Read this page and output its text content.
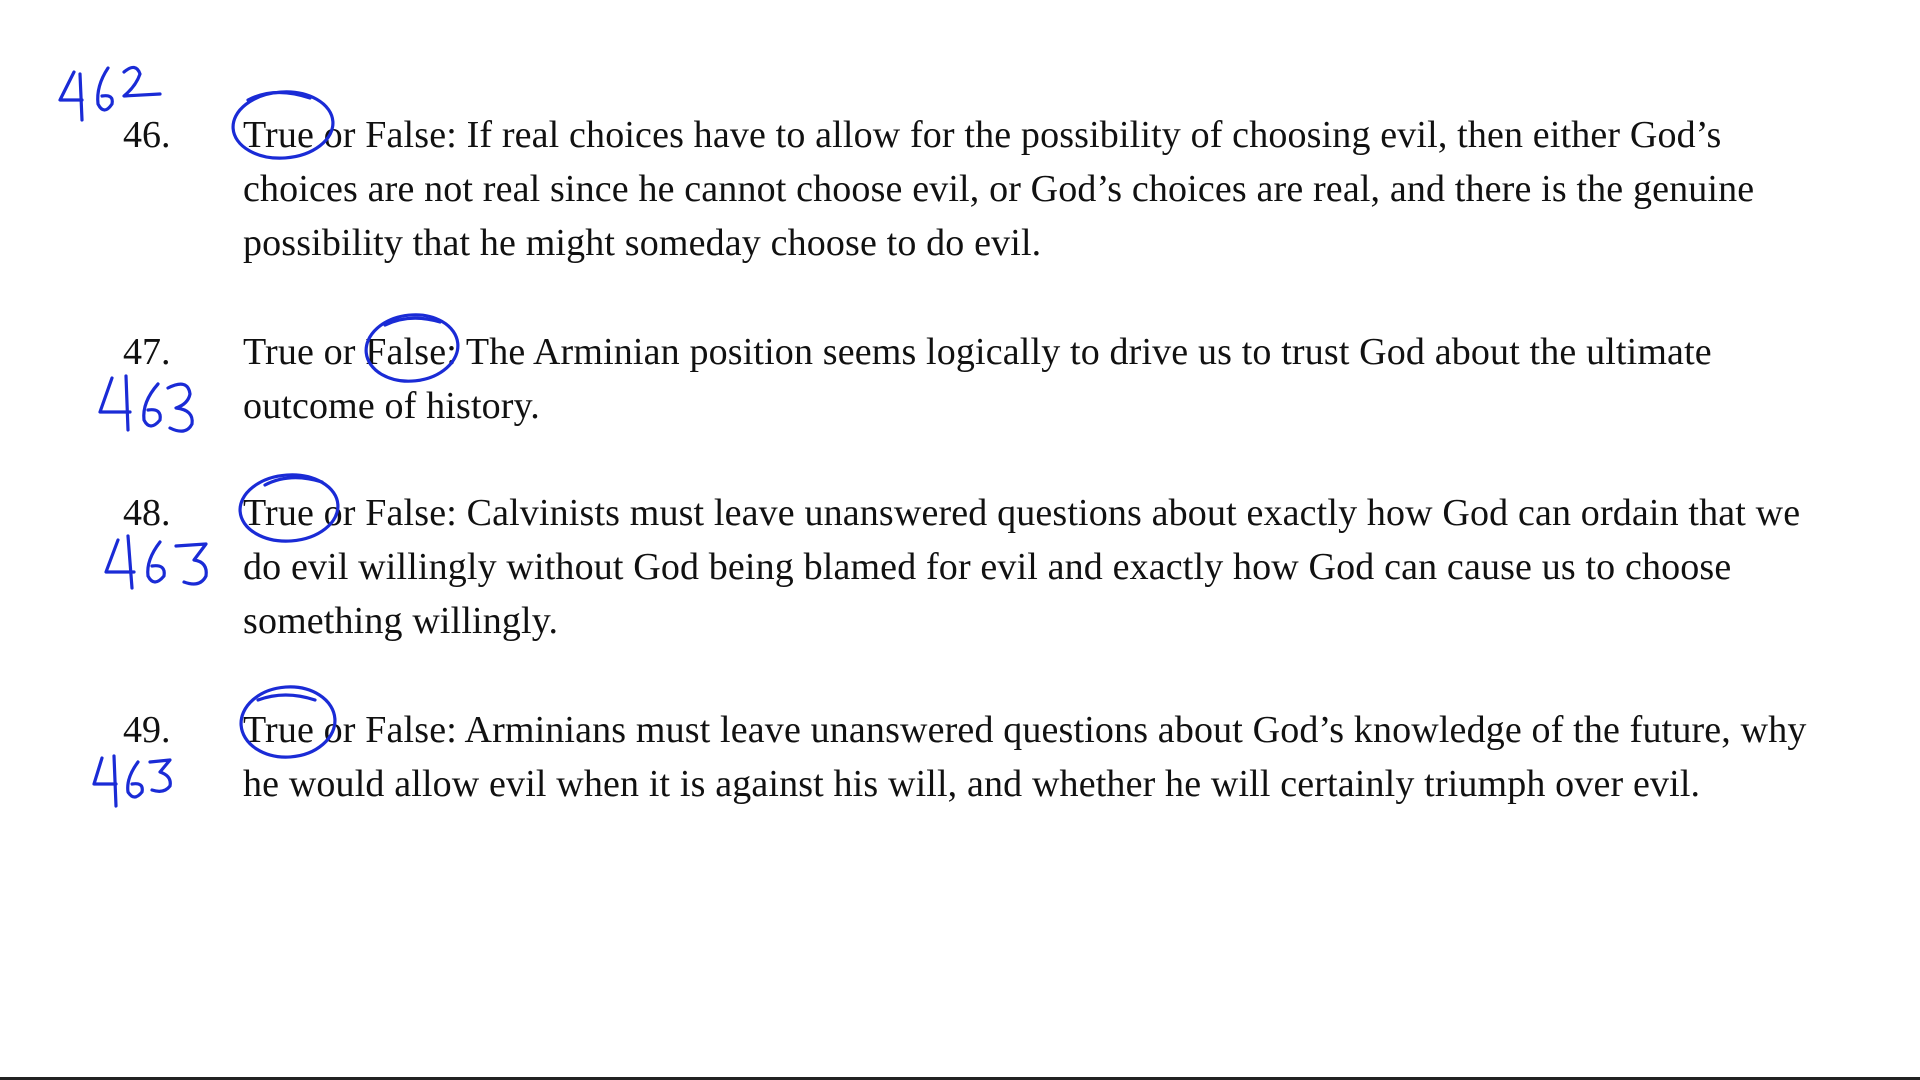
46. True or False: If real choices have to allow for the possibility of choosing evil, then either God’s choices are not real since he cannot choose evil, or God’s choices are real, and there is the genuine possibility that he might someday choose to do evil.
47. True or False: The Arminian position seems logically to drive us to trust God about the ultimate outcome of history.
48. True or False: Calvinists must leave unanswered questions about exactly how God can ordain that we do evil willingly without God being blamed for evil and exactly how God can cause us to choose something willingly.
49. True or False: Arminians must leave unanswered questions about God’s knowledge of the future, why he would allow evil when it is against his will, and whether he will certainly triumph over evil.
